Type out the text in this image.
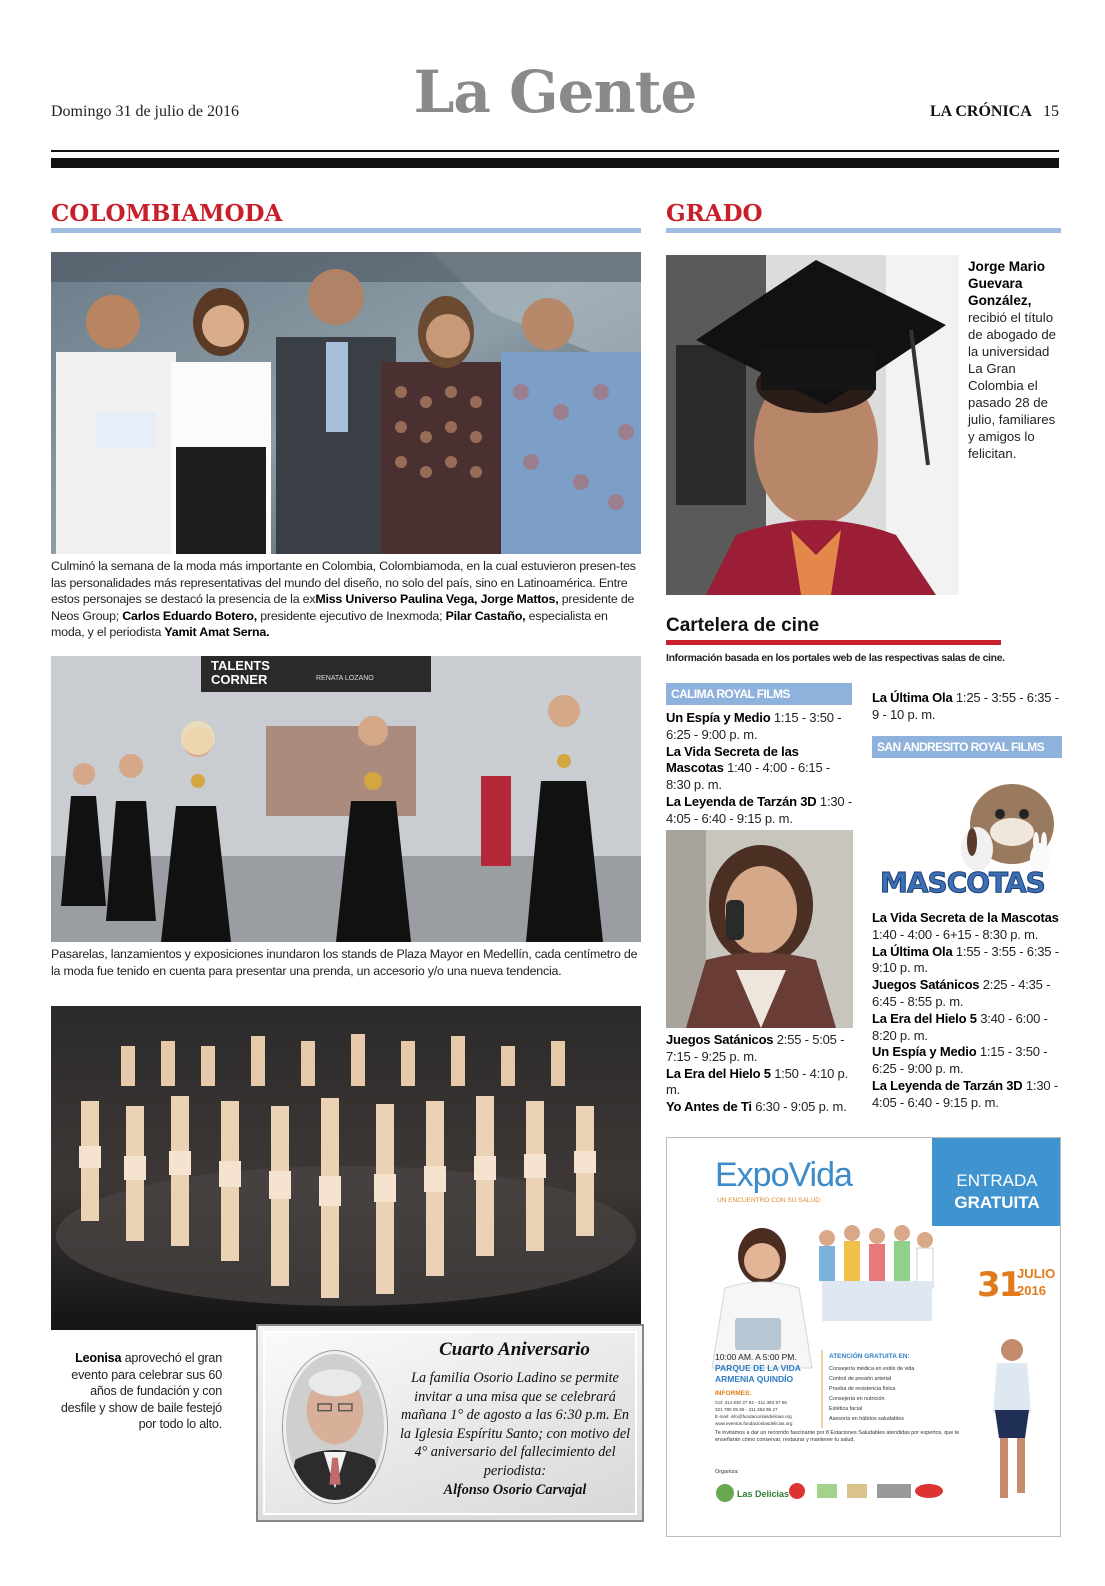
Domingo 31 de julio de 2016	La Gente	LA CRÓNICA 15
COLOMBIAMODA
Culminó la semana de la moda más importante en Colombia, Colombiamoda, en la cual estuvieron presen-tes las personalidades más representativas del mundo del diseño, no solo del país, sino en Latinoamérica. Entre estos personajes se destacó la presencia de la exMiss Universo Paulina Vega, Jorge Mattos, presidente de Neos Group; Carlos Eduardo Botero, presidente ejecutivo de Inexmoda; Pilar Castaño, especialista en moda, y el periodista Yamit Amat Serna.
TALENTS
CORNER	RENATA LOZANO
Pasarelas, lanzamientos y exposiciones inundaron los stands de Plaza Mayor en Medellín, cada centímetro de la moda fue tenido en cuenta para presentar una prenda, un accesorio y/o una nueva tendencia.
Leonisa aprovechó el gran evento para celebrar sus 60 años de fundación y con desfile y show de baile festejó por todo lo alto.
Cuarto Aniversario
La familia Osorio Ladino se permite invitar a una misa que se celebrará mañana 1° de agosto a las 6:30 p.m. En la Iglesia Espíritu Santo; con motivo del 4° aniversario del fallecimiento del periodista:
Alfonso Osorio Carvajal
GRADO
Jorge Mario Guevara González,
recibió el título de abogado de la universidad La Gran Colombia el pasado 28 de julio, familiares y amigos lo felicitan.
Cartelera de cine
Información basada en los portales web de las respectivas salas de cine.
CALIMA ROYAL FILMS
Un Espía y Medio 1:15 - 3:50 - 6:25 - 9:00 p. m.
La Vida Secreta de las Mascotas 1:40 - 4:00 - 6:15 - 8:30 p. m.
La Leyenda de Tarzán 3D 1:30 - 4:05 - 6:40 - 9:15 p. m.
Juegos Satánicos 2:55 - 5:05 - 7:15 - 9:25 p. m.
La Era del Hielo 5 1:50 - 4:10 p. m.
Yo Antes de Ti 6:30 - 9:05 p. m.
La Última Ola 1:25 - 3:55 - 6:35 - 9 - 10 p. m.
SAN ANDRESITO ROYAL FILMS
MASCOTAS
La Vida Secreta de la Mascotas 1:40 - 4:00 - 6+15 - 8:30 p. m.
La Última Ola 1:55 - 3:55 - 6:35 - 9:10 p. m.
Juegos Satánicos 2:25 - 4:35 - 6:45 - 8:55 p. m.
La Era del Hielo 5 3:40 - 6:00 - 8:20 p. m.
Un Espía y Medio 1:15 - 3:50 - 6:25 - 9:00 p. m.
La Leyenda de Tarzán 3D 1:30 - 4:05 - 6:40 - 9:15 p. m.
ExpoVida
UN ENCUENTRO CON SU SALUD
ENTRADA
GRATUITA
31
JULIO
2016
10:00 AM. A 5:00 PM.
PARQUE DE LA VIDA
ARMENIA QUINDÍO
INFORMES:
Cel: 314 830 27 84 - 311 383 57 65
321 780 09 95 - 311 353 99 27
E-mail: info@fundacionlasdelicias.org
www.eventos.fundacionlasdelicias.org
ATENCIÓN GRATUITA EN:
Consejería médica en estilo de vida
Control de presión arterial
Prueba de resistencia física
Consejería en nutrición
Estética facial
Asesoría en hábitos saludables
Te invitamos a dar un recorrido fascinante por 8 Estaciones Saludables atendidas por expertos, que te enseñarán cómo conservar, restaurar y mantener tu salud.
Organiza:
Las Delicias
